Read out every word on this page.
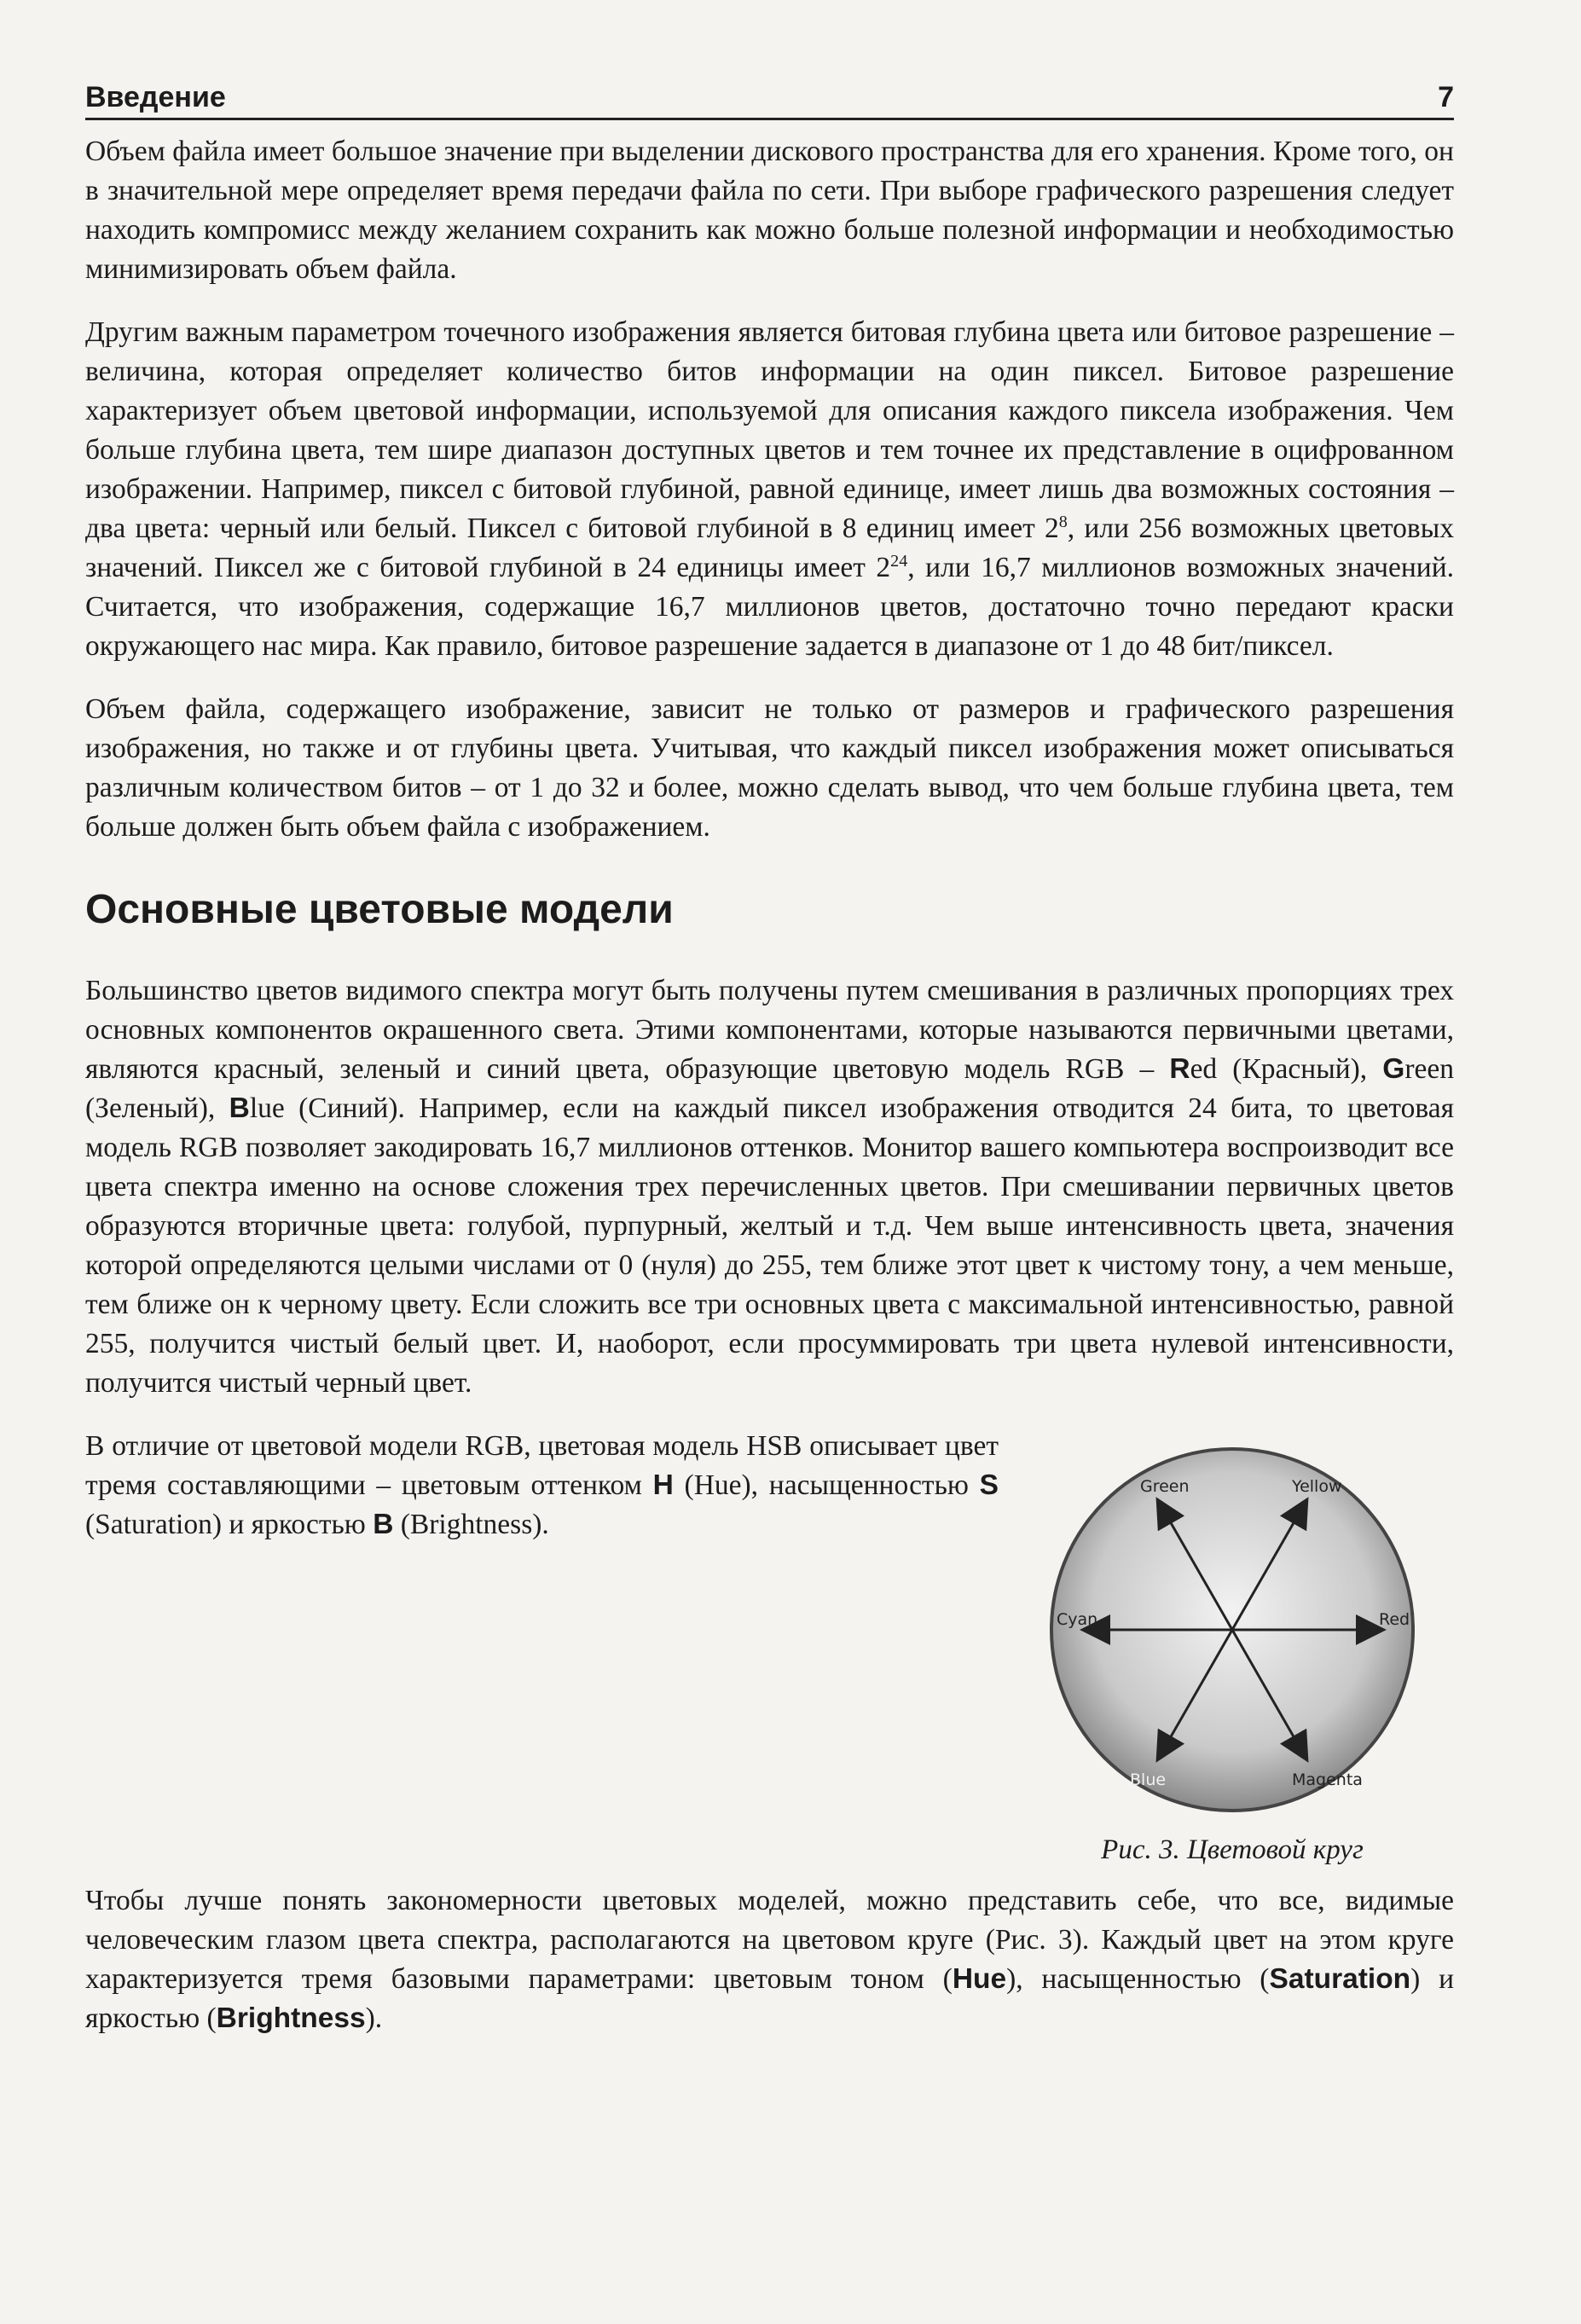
Введение	7

Объем файла имеет большое значение при выделении дискового пространства для его хранения. Кроме того, он в значительной мере определяет время передачи файла по сети. При выборе графического разрешения следует находить компромисс между желанием сохранить как можно больше полезной информации и необходимостью минимизировать объем файла.

Другим важным параметром точечного изображения является битовая глубина цвета или битовое разрешение – величина, которая определяет количество битов информации на один пиксел. Битовое разрешение характеризует объем цветовой информации, используемой для описания каждого пиксела изображения. Чем больше глубина цвета, тем шире диапазон доступных цветов и тем точнее их представление в оцифрованном изображении. Например, пиксел с битовой глубиной, равной единице, имеет лишь два возможных состояния – два цвета: черный или белый. Пиксел с битовой глубиной в 8 единиц имеет $2^8$, или 256 возможных цветовых значений. Пиксел же с битовой глубиной в 24 единицы имеет $2^{24}$, или 16,7 миллионов возможных значений. Считается, что изображения, содержащие 16,7 миллионов цветов, достаточно точно передают краски окружающего нас мира. Как правило, битовое разрешение задается в диапазоне от 1 до 48 бит/пиксел.

Объем файла, содержащего изображение, зависит не только от размеров и графического разрешения изображения, но также и от глубины цвета. Учитывая, что каждый пиксел изображения может описываться различным количеством битов – от 1 до 32 и более, можно сделать вывод, что чем больше глубина цвета, тем больше должен быть объем файла с изображением.

Основные цветовые модели

Большинство цветов видимого спектра могут быть получены путем смешивания в различных пропорциях трех основных компонентов окрашенного света. Этими компонентами, которые называются первичными цветами, являются красный, зеленый и синий цвета, образующие цветовую модель RGB – Red (Красный), Green (Зеленый), Blue (Синий). Например, если на каждый пиксел изображения отводится 24 бита, то цветовая модель RGB позволяет закодировать 16,7 миллионов оттенков. Монитор вашего компьютера воспроизводит все цвета спектра именно на основе сложения трех перечисленных цветов. При смешивании первичных цветов образуются вторичные цвета: голубой, пурпурный, желтый и т.д. Чем выше интенсивность цвета, значения которой определяются целыми числами от 0 (нуля) до 255, тем ближе этот цвет к чистому тону, а чем меньше, тем ближе он к черному цвету. Если сложить все три основных цвета с максимальной интенсивностью, равной 255, получится чистый белый цвет. И, наоборот, если просуммировать три цвета нулевой интенсивности, получится чистый черный цвет.

Green	Yellow
Cyan	Red
Blue	Magenta
Рис. 3. Цветовой круг

В отличие от цветовой модели RGB, цветовая модель HSB описывает цвет тремя составляющими – цветовым оттенком H (Hue), насыщенностью S (Saturation) и яркостью B (Brightness).

Чтобы лучше понять закономерности цветовых моделей, можно представить себе, что все, видимые человеческим глазом цвета спектра, располагаются на цветовом круге (Рис. 3). Каждый цвет на этом круге характеризуется тремя базовыми параметрами: цветовым тоном (Hue), насыщенностью (Saturation) и яркостью (Brightness).
